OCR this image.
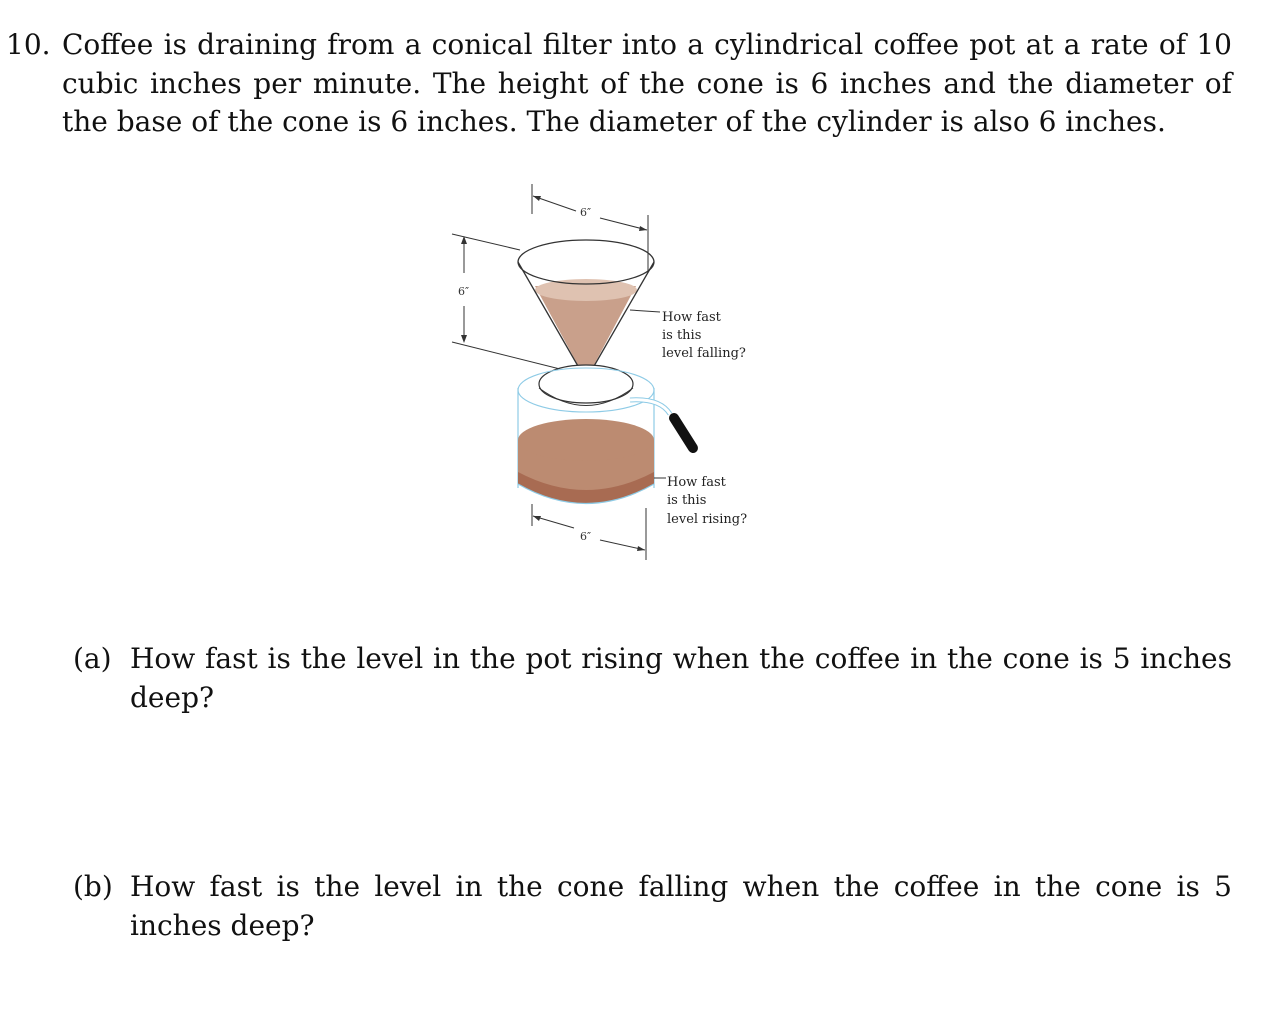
10. Coffee is draining from a conical filter into a cylindrical coffee pot at a rate of 10 cubic inches per minute. The height of the cone is 6 inches and the diameter of the base of the cone is 6 inches. The diameter of the cylinder is also 6 inches.
6″
6″
6″
How fast
is this
level falling?
How fast
is this
level rising?
(a) How fast is the level in the pot rising when the coffee in the cone is 5 inches deep?
(b) How fast is the level in the cone falling when the coffee in the cone is 5 inches deep?
